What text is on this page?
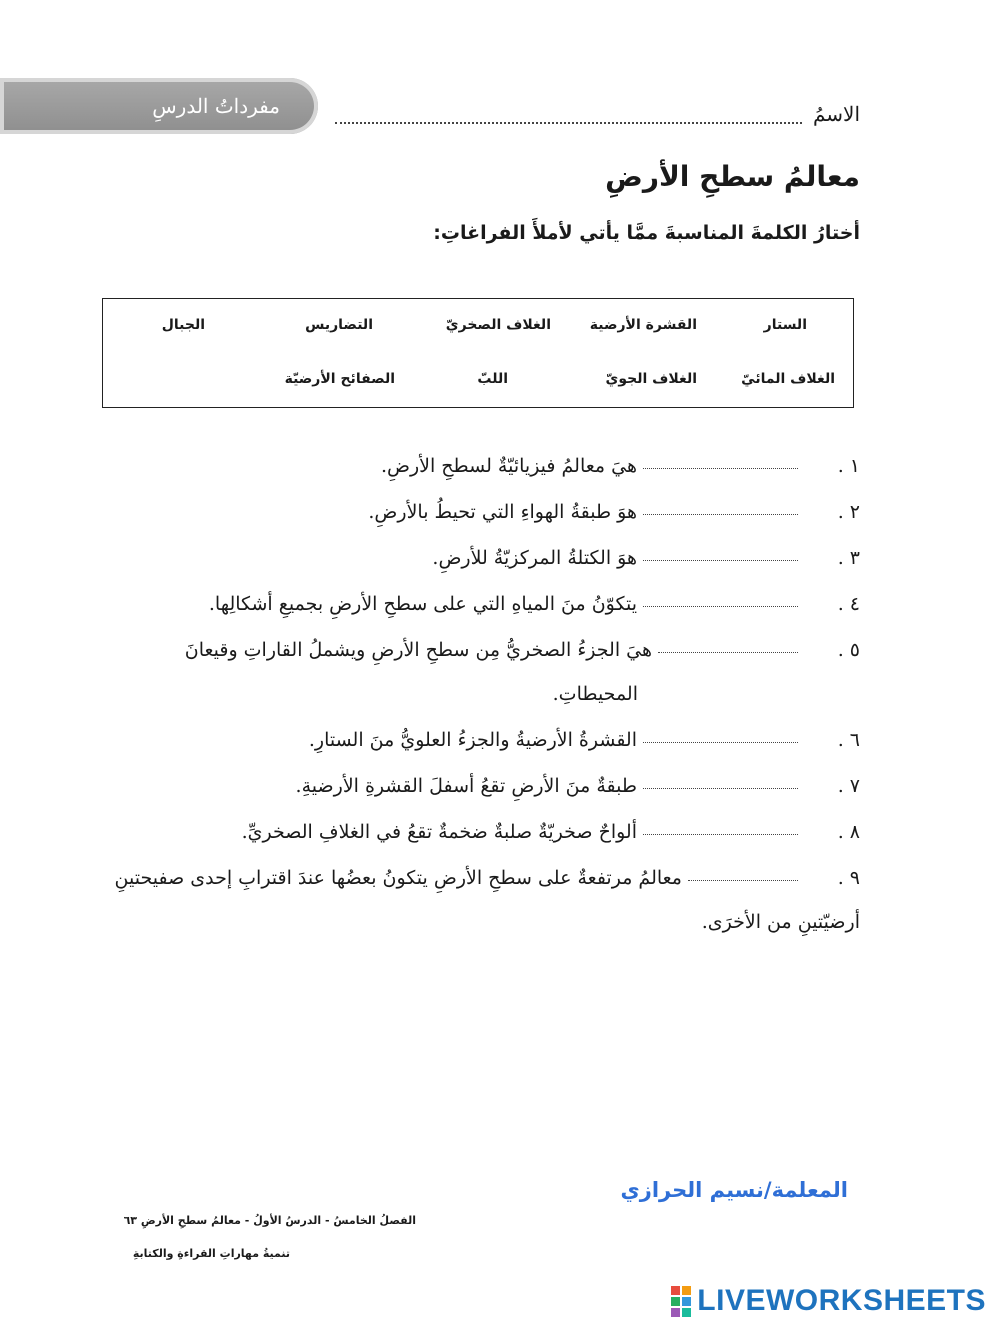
مفرداتُ الدرسِ	الاسمُ
معالمُ سطحِ الأرضِ

أختارُ الكلمةَ المناسبةَ ممَّا يأتي لأملأَ الفراغاتِ:

الستار
القشرة الأرضية
الغلاف الصخريّ
التضاريس
الجبال
الغلاف المائيّ
الغلاف الجويّ
اللبّ
الصفائح الأرضيّة
١ .هيَ معالمُ فيزيائيّةٌ لسطحِ الأرضِ.
٢ .هوَ طبقةُ الهواءِ التي تحيطُ بالأرضِ.
٣ .هوَ الكتلةُ المركزيّةُ للأرضِ.
٤ .يتكوّنُ منَ المياهِ التي على سطحِ الأرضِ بجميعِ أشكالِها.
٥ .هيَ الجزءُ الصخريُّ مِن سطحِ الأرضِ ويشملُ القاراتِ وقيعانَ
المحيطاتِ.
٦ .القشرةُ الأرضيةُ والجزءُ العلويُّ منَ الستارِ.
٧ .طبقةٌ منَ الأرضِ تقعُ أسفلَ القشرةِ الأرضيةِ.
٨ .ألواحٌ صخريّةٌ صلبةٌ ضخمةٌ تقعُ في الغلافِ الصخريِّ.
٩ .معالمُ مرتفعةٌ على سطحِ الأرضِ يتكونُ بعضُها عندَ اقترابِ إحدى صفيحتينِ
أرضيّتينِ من الأخرَى.
المعلمة/نسيم الحرازي
الفصلُ الخامسُ - الدرسُ الأولُ - معالمُ سطحِ الأرضِ ٦٣
تنميةُ مهاراتِ القراءةِ والكتابةِ
LIVEWORKSHEETS
